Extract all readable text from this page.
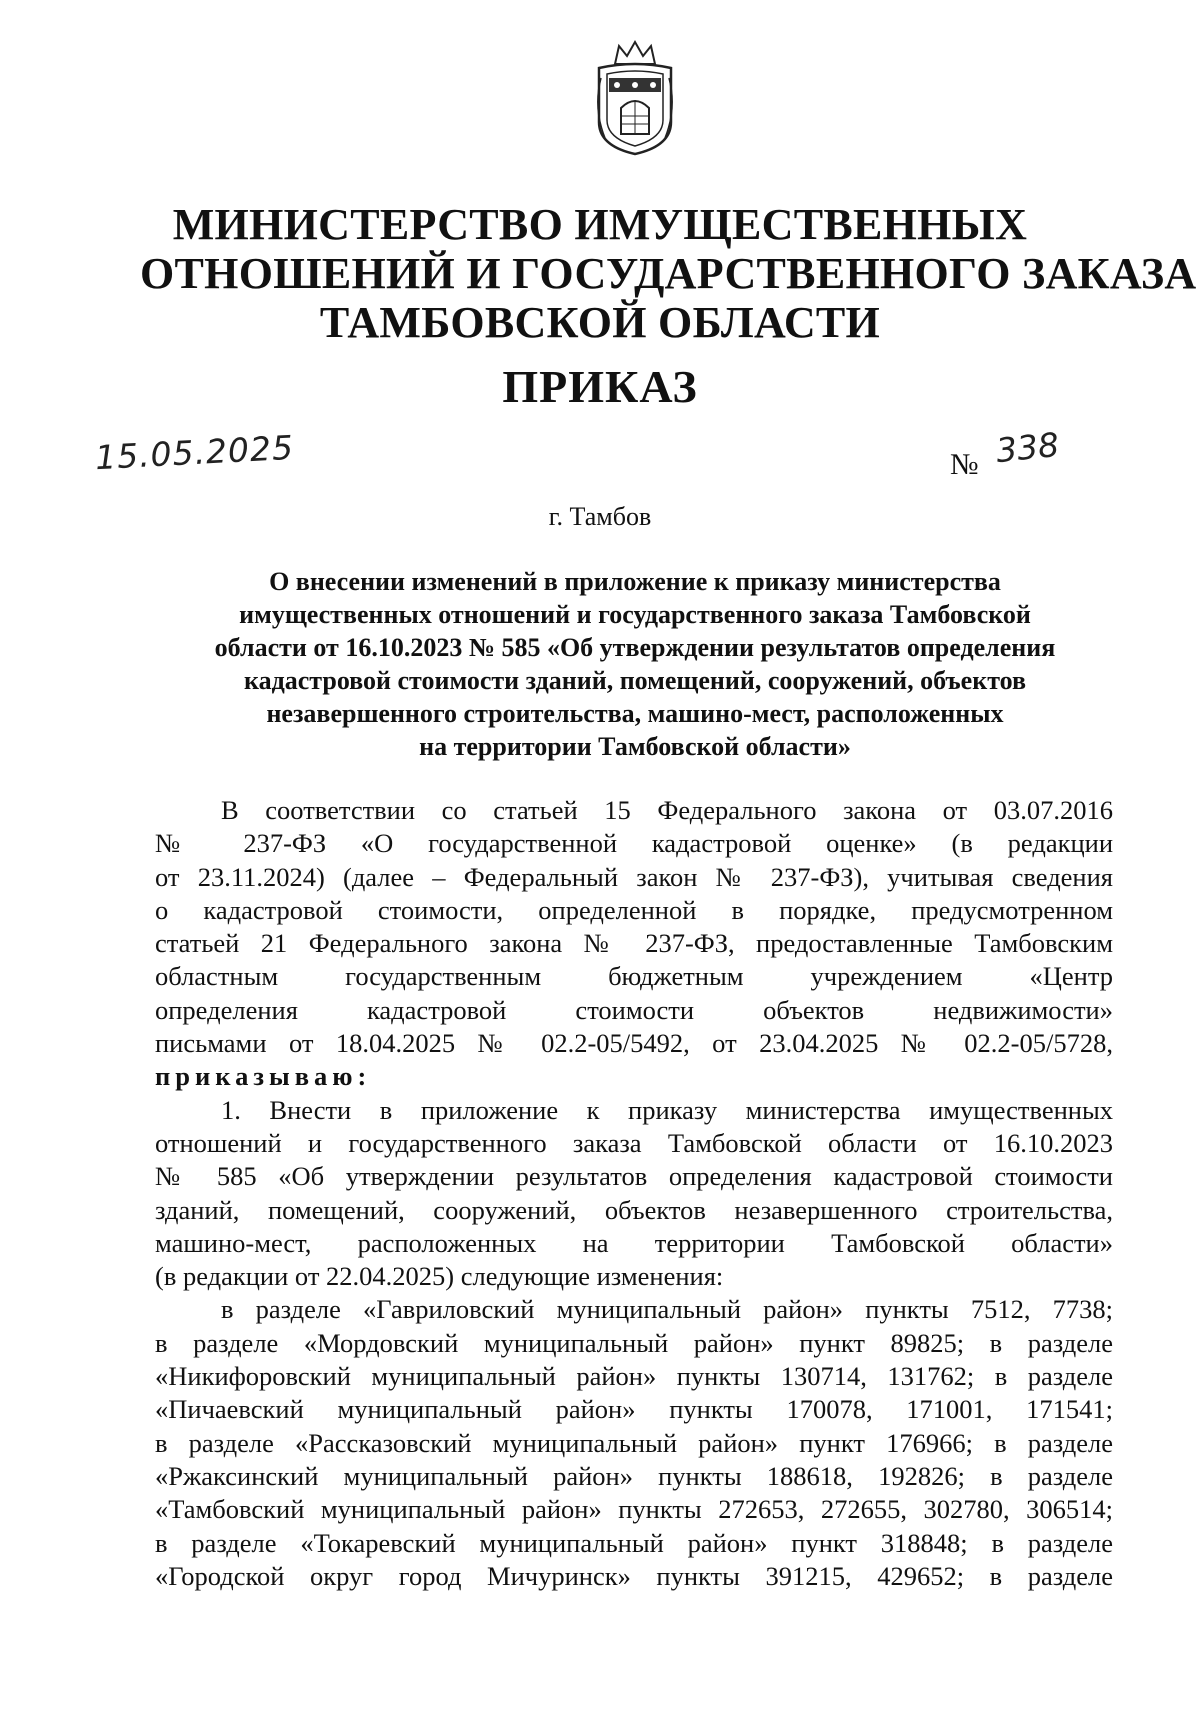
МИНИСТЕРСТВО ИМУЩЕСТВЕННЫХ
ОТНОШЕНИЙ И ГОСУДАРСТВЕННОГО ЗАКАЗА
ТАМБОВСКОЙ ОБЛАСТИ
ПРИКАЗ
15.05.2025	№ 338
г. Тамбов
О внесении изменений в приложение к приказу министерства
имущественных отношений и государственного заказа Тамбовской
области от 16.10.2023 № 585 «Об утверждении результатов определения
кадастровой стоимости зданий, помещений, сооружений, объектов
незавершенного строительства, машино-мест, расположенных
на территории Тамбовской области»
В соответствии со статьей 15 Федерального закона от 03.07.2016
№ 237-ФЗ «О государственной кадастровой оценке» (в редакции
от 23.11.2024) (далее – Федеральный закон № 237-ФЗ), учитывая сведения
о кадастровой стоимости, определенной в порядке, предусмотренном
статьей 21 Федерального закона № 237-ФЗ, предоставленные Тамбовским
областным государственным бюджетным учреждением «Центр
определения кадастровой стоимости объектов недвижимости»
письмами от 18.04.2025 № 02.2-05/5492, от 23.04.2025 № 02.2-05/5728,
приказываю:
1. Внести в приложение к приказу министерства имущественных
отношений и государственного заказа Тамбовской области от 16.10.2023
№ 585 «Об утверждении результатов определения кадастровой стоимости
зданий, помещений, сооружений, объектов незавершенного строительства,
машино-мест, расположенных на территории Тамбовской области»
(в редакции от 22.04.2025) следующие изменения:
в разделе «Гавриловский муниципальный район» пункты 7512, 7738;
в разделе «Мордовский муниципальный район» пункт 89825; в разделе
«Никифоровский муниципальный район» пункты 130714, 131762; в разделе
«Пичаевский муниципальный район» пункты 170078, 171001, 171541;
в разделе «Рассказовский муниципальный район» пункт 176966; в разделе
«Ржаксинский муниципальный район» пункты 188618, 192826; в разделе
«Тамбовский муниципальный район» пункты 272653, 272655, 302780, 306514;
в разделе «Токаревский муниципальный район» пункт 318848; в разделе
«Городской округ город Мичуринск» пункты 391215, 429652; в разделе
